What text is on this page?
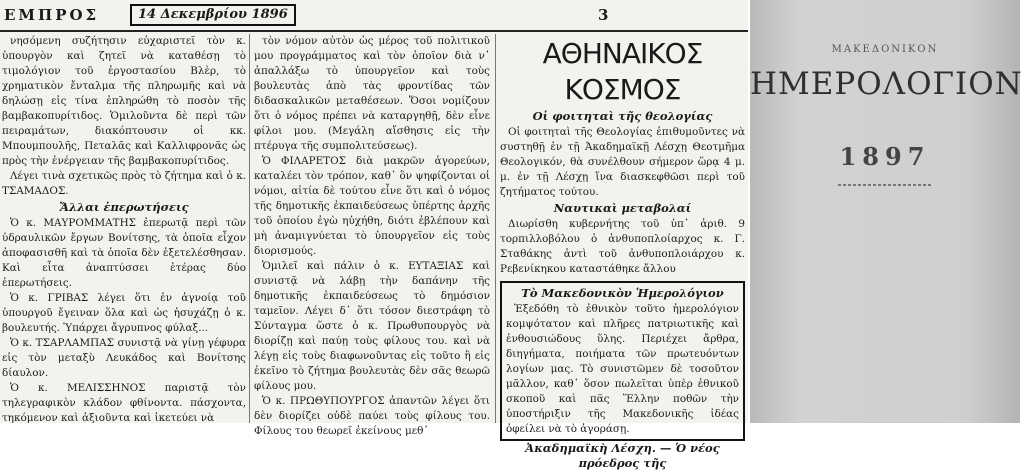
ΕΜΠΡΟΣ	14 Δεκεμβρίου 1896	3

νησόμενη συζήτησιν εὐχαριστεῖ τὸν κ. ὑπουργὸν καὶ ζητεῖ νὰ καταθέσῃ τὸ τιμολόγιον τοῦ ἐργοστασίου Βλὲρ, τὸ χρηματικὸν ἔνταλμα τῆς πληρωμῆς καὶ νὰ δηλώσῃ εἰς τίνα ἐπληρώθη τὸ ποσὸν τῆς βαμβακοπυρίτιδος. Ὁμιλοῦντα δὲ περὶ τῶν πειραμάτων, διακόπτουσιν οἱ κκ. Μπουμπουλῆς, Πεταλᾶς καὶ Καλλιφρονᾶς ὡς πρὸς τὴν ἐνέργειαν τῆς βαμβακοπυρίτιδος.

Λέγει τινὰ σχετικῶς πρὸς τὸ ζήτημα καὶ ὁ κ. ΤΣΑΜΑΔΟΣ.

Ἄλλαι ἐπερωτήσεις

Ὁ κ. ΜΑΥΡΟΜΜΑΤΗΣ ἐπερωτᾷ περὶ τῶν ὑδραυλικῶν ἔργων Βονίτσης, τὰ ὁποῖα εἶχον ἀποφασισθῆ καὶ τὰ ὁποῖα δὲν ἐξετελέσθησαν. Καὶ εἶτα ἀναπτύσσει ἑτέρας δύο ἐπερωτήσεις.

Ὁ κ. ΓΡΙΒΑΣ λέγει ὅτι ἐν ἀγνοίᾳ τοῦ ὑπουργοῦ ἔγειναν ὅλα καὶ ὡς ἡσυχάζῃ ὁ κ. βουλευτής. Ὑπάρχει ἄγρυπνος φύλαξ...

Ὁ κ. ΤΣΑΡΛΑΜΠΑΣ συνιστᾷ νὰ γίνῃ γέφυρα εἰς τὸν μεταξὺ Λευκάδος καὶ Βονίτσης δίαυλον.

Ὁ κ. ΜΕΛΙΣΣΗΝΟΣ παριστᾷ τὸν τηλεγραφικὸν κλάδον φθίνοντα. πάσχοντα, τηκόμενον καὶ ἀξιοῦντα καὶ ἱκετεύει νὰ

τὸν νόμον αὐτὸν ὡς μέρος τοῦ πολιτικοῦ μου προγράμματος καὶ τὸν ὁποῖον διὰ ν᾿ ἀπαλλάξω τὸ ὑπουργεῖον καὶ τοὺς βουλευτὰς ἀπὸ τὰς φροντίδας τῶν διδασκαλικῶν μεταθέσεων. Ὅσοι νομίζουν ὅτι ὁ νόμος πρέπει νὰ καταργηθῇ, δὲν εἶνε φίλοι μου. (Μεγάλη αἴσθησις εἰς τὴν πτέρυγα τῆς συμπολιτεύσεως).

Ὁ ΦΙΛΑΡΕΤΟΣ διὰ μακρῶν ἀγορεύων, καταλέει τὸν τρόπον, καθ᾿ ὃν ψηφίζονται οἱ νόμοι, αἰτία δὲ τούτου εἶνε ὅτι καὶ ὁ νόμος τῆς δημοτικῆς ἐκπαιδεύσεως ὑπέρτης ἀρχῆς τοῦ ὁποίου ἐγὼ ηὐχήθη, διότι ἐβλέπουν καὶ μὴ ἀναμιγνύεται τὸ ὑπουργεῖον εἰς τοὺς διορισμούς.

Ὁμιλεῖ καὶ πάλιν ὁ κ. ΕΥΤΑΞΙΑΣ καὶ συνιστᾷ νὰ λάβῃ τὴν δαπάνην τῆς δημοτικῆς ἐκπαιδεύσεως τὸ δημόσιον ταμεῖον. Λέγει δ᾿ ὅτι τόσον διεστράφη τὸ Σύνταγμα ὥστε ὁ κ. Πρωθυπουργὸς νὰ διορίζῃ καὶ παύῃ τοὺς φίλους του. καὶ νὰ λέγῃ εἰς τοὺς διαφωνοῦντας εἰς τοῦτο ἢ εἰς ἐκεῖνο τὸ ζήτημα βουλευτὰς δὲν σᾶς θεωρῶ φίλους μου.

Ὁ κ. ΠΡΩΘΥΠΟΥΡΓΟΣ ἀπαντῶν λέγει ὅτι δὲν διορίζει οὐδὲ παύει τοὺς φίλους του. Φίλους του θεωρεῖ ἐκείνους μεθ᾿

ΑΘΗΝΑΙΚΟΣ ΚΟΣΜΟΣ
Οἱ φοιτηταὶ τῆς θεολογίας

Οἱ φοιτηταὶ τῆς Θεολογίας ἐπιθυμοῦντες νὰ συστηθῇ ἐν τῇ Ἀκαδημαϊκῇ Λέσχῃ Θεοτμῆμα Θεολογικόν, θὰ συνέλθουν σήμερον ὥρᾳ 4 μ. μ. ἐν τῇ Λέσχῃ ἵνα διασκεφθῶσι περὶ τοῦ ζητήματος τούτου.

Ναυτικαὶ μεταβολαί

Διωρίσθη κυβερνήτης τοῦ ὑπ᾿ ἀριθ. 9 τορπιλλοβόλου ὁ ἀνθυποπλοίαρχος κ. Γ. Σταθάκης ἀντὶ τοῦ ἀνθυποπλοιάρχου κ. Ρεβενίκηκου καταστάθηκε ἄλλου

Τὸ Μακεδονικὸν Ἡμερολόγιον

Ἐξεδόθη τὸ ἐθνικὸν τοῦτο ἡμερολόγιον κομψότατον καὶ πλῆρες πατριωτικῆς καὶ ἐνθουσιώδους ὕλης. Περιέχει ἄρθρα, διηγήματα, ποιήματα τῶν πρωτευόντων λογίων μας. Τὸ συνιστῶμεν δὲ τοσοῦτον μᾶλλον, καθ᾿ ὅσον πωλεῖται ὑπὲρ ἐθνικοῦ σκοποῦ καὶ πᾶς Ἕλλην ποθῶν τὴν ὑποστήριξιν τῆς Μακεδονικῆς ἰδέας ὀφείλει νὰ τὸ ἀγοράσῃ.

Ἀκαδημαϊκὴ Λέσχη. — Ὁ νέος πρόεδρος τῆς
ΜΑΚΕΔΟΝΙΚΟΝ
ΗΜΕΡΟΛΟΓΙΟΝ
1897
